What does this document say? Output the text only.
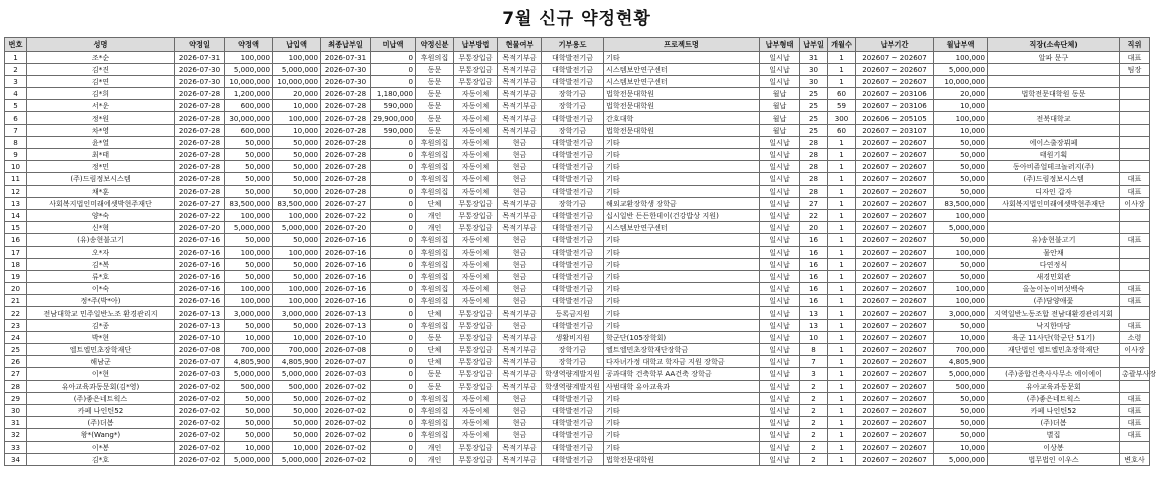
7월 신규 약정현황
번호	성명	약정일	약정액	납입액	최종납부일	미납액	약정신분	납부방법	현물여부	기부용도	프로젝트명	납부형태	납부일	개월수	납부기간	월납부액	직장(소속단체)	직위
1	조*순	2026-07-31	100,000	100,000	2026-07-31	0	후원의집	무통장입금	목적기부금	대학발전기금	기타	일시납	31	1	202607 ~ 202607	100,000	알파 문구	대표
2	김*진	2026-07-30	5,000,000	5,000,000	2026-07-30	0	동문	무통장입금	목적기부금	대학발전기금	시스템보안연구센터	일시납	30	1	202607 ~ 202607	5,000,000		팀장
3	김*연	2026-07-30	10,000,000	10,000,000	2026-07-30	0	동문	무통장입금	목적기부금	대학발전기금	시스템보안연구센터	일시납	30	1	202607 ~ 202607	10,000,000		
4	김*희	2026-07-28	1,200,000	20,000	2026-07-28	1,180,000	동문	자동이체	목적기부금	장학기금	법학전문대학원	월납	25	60	202607 ~ 203106	20,000	법학전문대학원 동문	
5	서*운	2026-07-28	600,000	10,000	2026-07-28	590,000	동문	자동이체	목적기부금	장학기금	법학전문대학원	월납	25	59	202607 ~ 203106	10,000		
6	정*원	2026-07-28	30,000,000	100,000	2026-07-28	29,900,000	동문	자동이체	목적기부금	대학발전기금	간호대학	월납	25	300	202606 ~ 205105	100,000	전북대학교	
7	차*영	2026-07-28	600,000	10,000	2026-07-28	590,000	동문	자동이체	목적기부금	장학기금	법학전문대학원	월납	25	60	202607 ~ 203107	10,000		
8	윤*열	2026-07-28	50,000	50,000	2026-07-28	0	후원의집	자동이체	현금	대학발전기금	기타	일시납	28	1	202607 ~ 202607	50,000	에이스출장뷔페	
9	최*태	2026-07-28	50,000	50,000	2026-07-28	0	후원의집	자동이체	현금	대학발전기금	기타	일시납	28	1	202607 ~ 202607	50,000	태원기획	
10	정*민	2026-07-28	50,000	50,000	2026-07-28	0	후원의집	자동이체	현금	대학발전기금	기타	일시납	28	1	202607 ~ 202607	50,000	동아비쥬얼테크놀러지(주)	
11	(주)드림정보시스템	2026-07-28	50,000	50,000	2026-07-28	0	후원의집	자동이체	현금	대학발전기금	기타	일시납	28	1	202607 ~ 202607	50,000	(주)드림정보시스템	대표
12	채*훈	2026-07-28	50,000	50,000	2026-07-28	0	후원의집	자동이체	현금	대학발전기금	기타	일시납	28	1	202607 ~ 202607	50,000	디자인 갑자	대표
13	사회복지법인미래에셋박현주재단	2026-07-27	83,500,000	83,500,000	2026-07-27	0	단체	무통장입금	목적기부금	장학기금	해외교환장학생 장학금	일시납	27	1	202607 ~ 202607	83,500,000	사회복지법인미래에셋박현주재단	이사장
14	양*숙	2026-07-22	100,000	100,000	2026-07-22	0	개인	무통장입금	목적기부금	대학발전기금	십시일반 든든한데이(건강밥상 지원)	일시납	22	1	202607 ~ 202607	100,000		
15	신*혁	2026-07-20	5,000,000	5,000,000	2026-07-20	0	개인	무통장입금	목적기부금	대학발전기금	시스템보안연구센터	일시납	20	1	202607 ~ 202607	5,000,000		
16	(유)송현불고기	2026-07-16	50,000	50,000	2026-07-16	0	후원의집	자동이체	현금	대학발전기금	기타	일시납	16	1	202607 ~ 202607	50,000	유)송현불고기	대표
17	오*자	2026-07-16	100,000	100,000	2026-07-16	0	후원의집	자동이체	현금	대학발전기금	기타	일시납	16	1	202607 ~ 202607	100,000	물안채	
18	김*복	2026-07-16	50,000	50,000	2026-07-16	0	후원의집	자동이체	현금	대학발전기금	기타	일시납	16	1	202607 ~ 202607	50,000	다연정식	
19	류*호	2026-07-16	50,000	50,000	2026-07-16	0	후원의집	자동이체	현금	대학발전기금	기타	일시납	16	1	202607 ~ 202607	50,000	새경민회관	
20	이*숙	2026-07-16	100,000	100,000	2026-07-16	0	후원의집	자동이체	현금	대학발전기금	기타	일시납	16	1	202607 ~ 202607	100,000	올농이농이버섯백숙	대표
21	정*주(박*아)	2026-07-16	100,000	100,000	2026-07-16	0	후원의집	자동이체	현금	대학발전기금	기타	일시납	16	1	202607 ~ 202607	100,000	(주)담양애꽃	대표
22	전남대학교 민주일반노조 환경관리지	2026-07-13	3,000,000	3,000,000	2026-07-13	0	단체	무통장입금	목적기부금	등록금지원	기타	일시납	13	1	202607 ~ 202607	3,000,000	지역일반노동조합 전남대환경관리지회	
23	김*종	2026-07-13	50,000	50,000	2026-07-13	0	후원의집	무통장입금	현금	대학발전기금	기타	일시납	13	1	202607 ~ 202607	50,000	낙지한마당	대표
24	박*현	2026-07-10	10,000	10,000	2026-07-10	0	동문	무통장입금	목적기부금	생활비지원	학군단(105장학회)	일시납	10	1	202607 ~ 202607	10,000	육군 11사단(학군단 51기)	소령
25	엘트엘민초장학재단	2026-07-08	700,000	700,000	2026-07-08	0	단체	무통장입금	목적기부금	장학기금	엘트엘민초장학재단장학금	일시납	8	1	202607 ~ 202607	700,000	재단법인 엘트엘민초장학재단	이사장
26	해남군	2026-07-07	4,805,900	4,805,900	2026-07-07	0	단체	무통장입금	목적기부금	장학기금	다자녀가정 대학교 학자금 지원 장학금	일시납	7	1	202607 ~ 202607	4,805,900		
27	이*현	2026-07-03	5,000,000	5,000,000	2026-07-03	0	동문	무통장입금	목적기부금	학생역량계발지원	공과대학 건축학부 AA건축 장학금	일시납	3	1	202607 ~ 202607	5,000,000	(주)종합건축사사무소 에이에이	총괄부사장
28	유아교육과동문회(김*영)	2026-07-02	500,000	500,000	2026-07-02	0	동문	무통장입금	목적기부금	학생역량계발지원	사범대학 유아교육과	일시납	2	1	202607 ~ 202607	500,000	유아교육과동문회	
29	(주)좋은네트웍스	2026-07-02	50,000	50,000	2026-07-02	0	후원의집	자동이체	현금	대학발전기금	기타	일시납	2	1	202607 ~ 202607	50,000	(주)좋은네트웍스	대표
30	카페 나인틴52	2026-07-02	50,000	50,000	2026-07-02	0	후원의집	자동이체	현금	대학발전기금	기타	일시납	2	1	202607 ~ 202607	50,000	카페 나인틴52	대표
31	(주)더봄	2026-07-02	50,000	50,000	2026-07-02	0	후원의집	자동이체	현금	대학발전기금	기타	일시납	2	1	202607 ~ 202607	50,000	(주)더봄	대표
32	왕*(Wang*)	2026-07-02	50,000	50,000	2026-07-02	0	후원의집	자동이체	현금	대학발전기금	기타	일시납	2	1	202607 ~ 202607	50,000	별집	대표
33	이*봉	2026-07-02	10,000	10,000	2026-07-02	0	개인	무통장입금	목적기부금	대학발전기금	기타	일시납	2	1	202607 ~ 202607	10,000	이상봉	
34	김*호	2026-07-02	5,000,000	5,000,000	2026-07-02	0	개인	무통장입금	목적기부금	대학발전기금	법학전문대학원	일시납	2	1	202607 ~ 202607	5,000,000	법무법인 이우스	변호사
